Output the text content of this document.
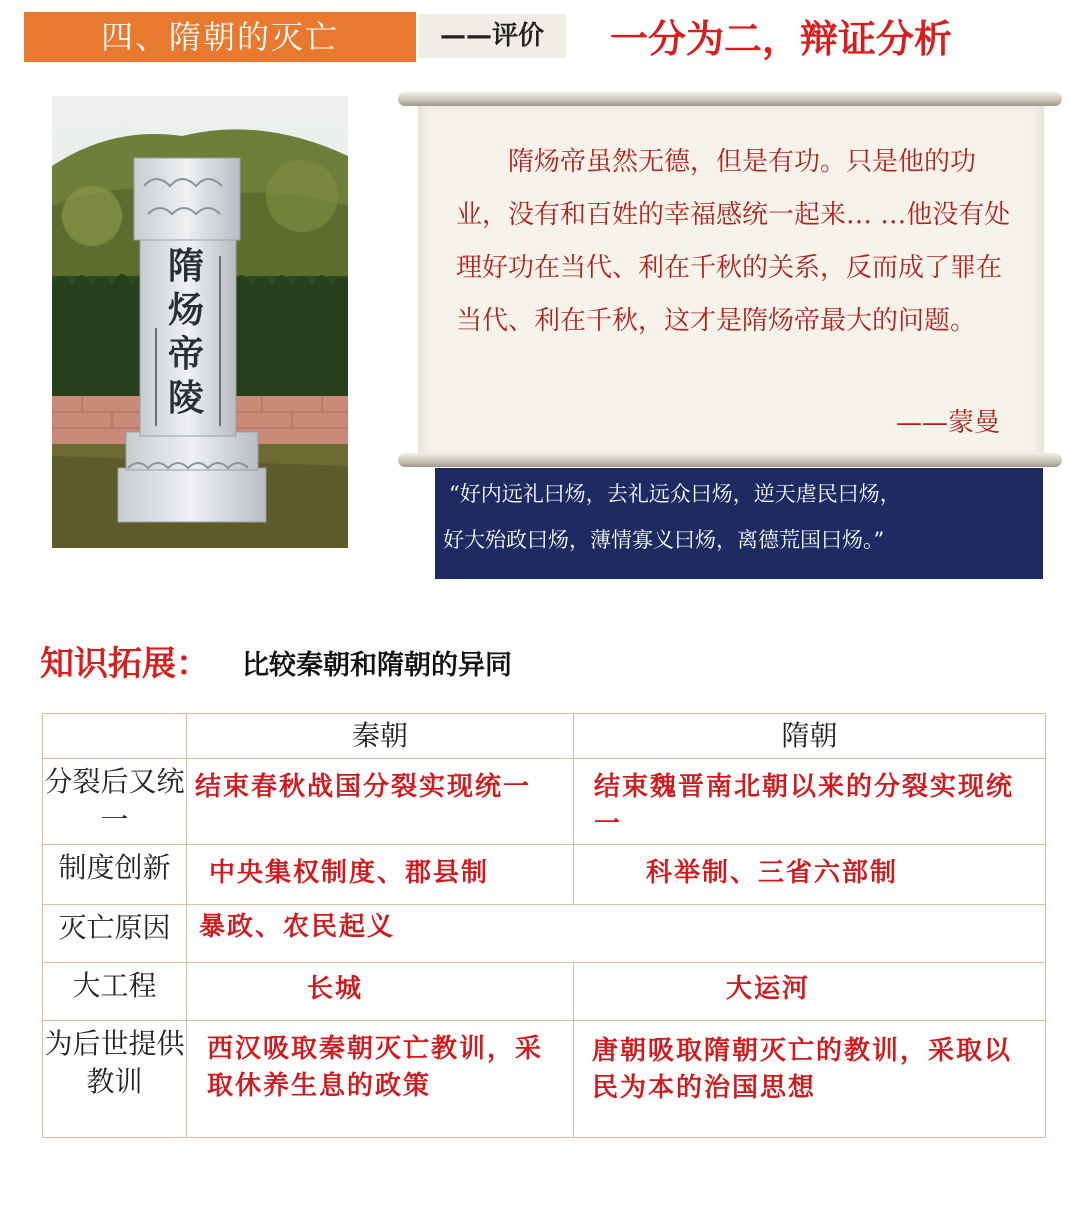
四、隋朝的灭亡	——评价	一分为二，辩证分析
隋
炀
帝
陵
隋炀帝虽然无德，但是有功。只是他的功业，没有和百姓的幸福感统一起来… …他没有处理好功在当代、利在千秋的关系，反而成了罪在当代、利在千秋，这才是隋炀帝最大的问题。
——蒙曼
“好内远礼曰炀，去礼远众曰炀，逆天虐民曰炀，
好大殆政曰炀，薄情寡义曰炀，离德荒国曰炀。”
知识拓展： 比较秦朝和隋朝的异同
	秦朝	隋朝
分裂后又统一	结束春秋战国分裂实现统一	结束魏晋南北朝以来的分裂实现统一
制度创新	中央集权制度、郡县制	科举制、三省六部制
灭亡原因	暴政、农民起义	
大工程	长城	大运河
为后世提供教训	西汉吸取秦朝灭亡教训，采取休养生息的政策	唐朝吸取隋朝灭亡的教训，采取以民为本的治国思想
